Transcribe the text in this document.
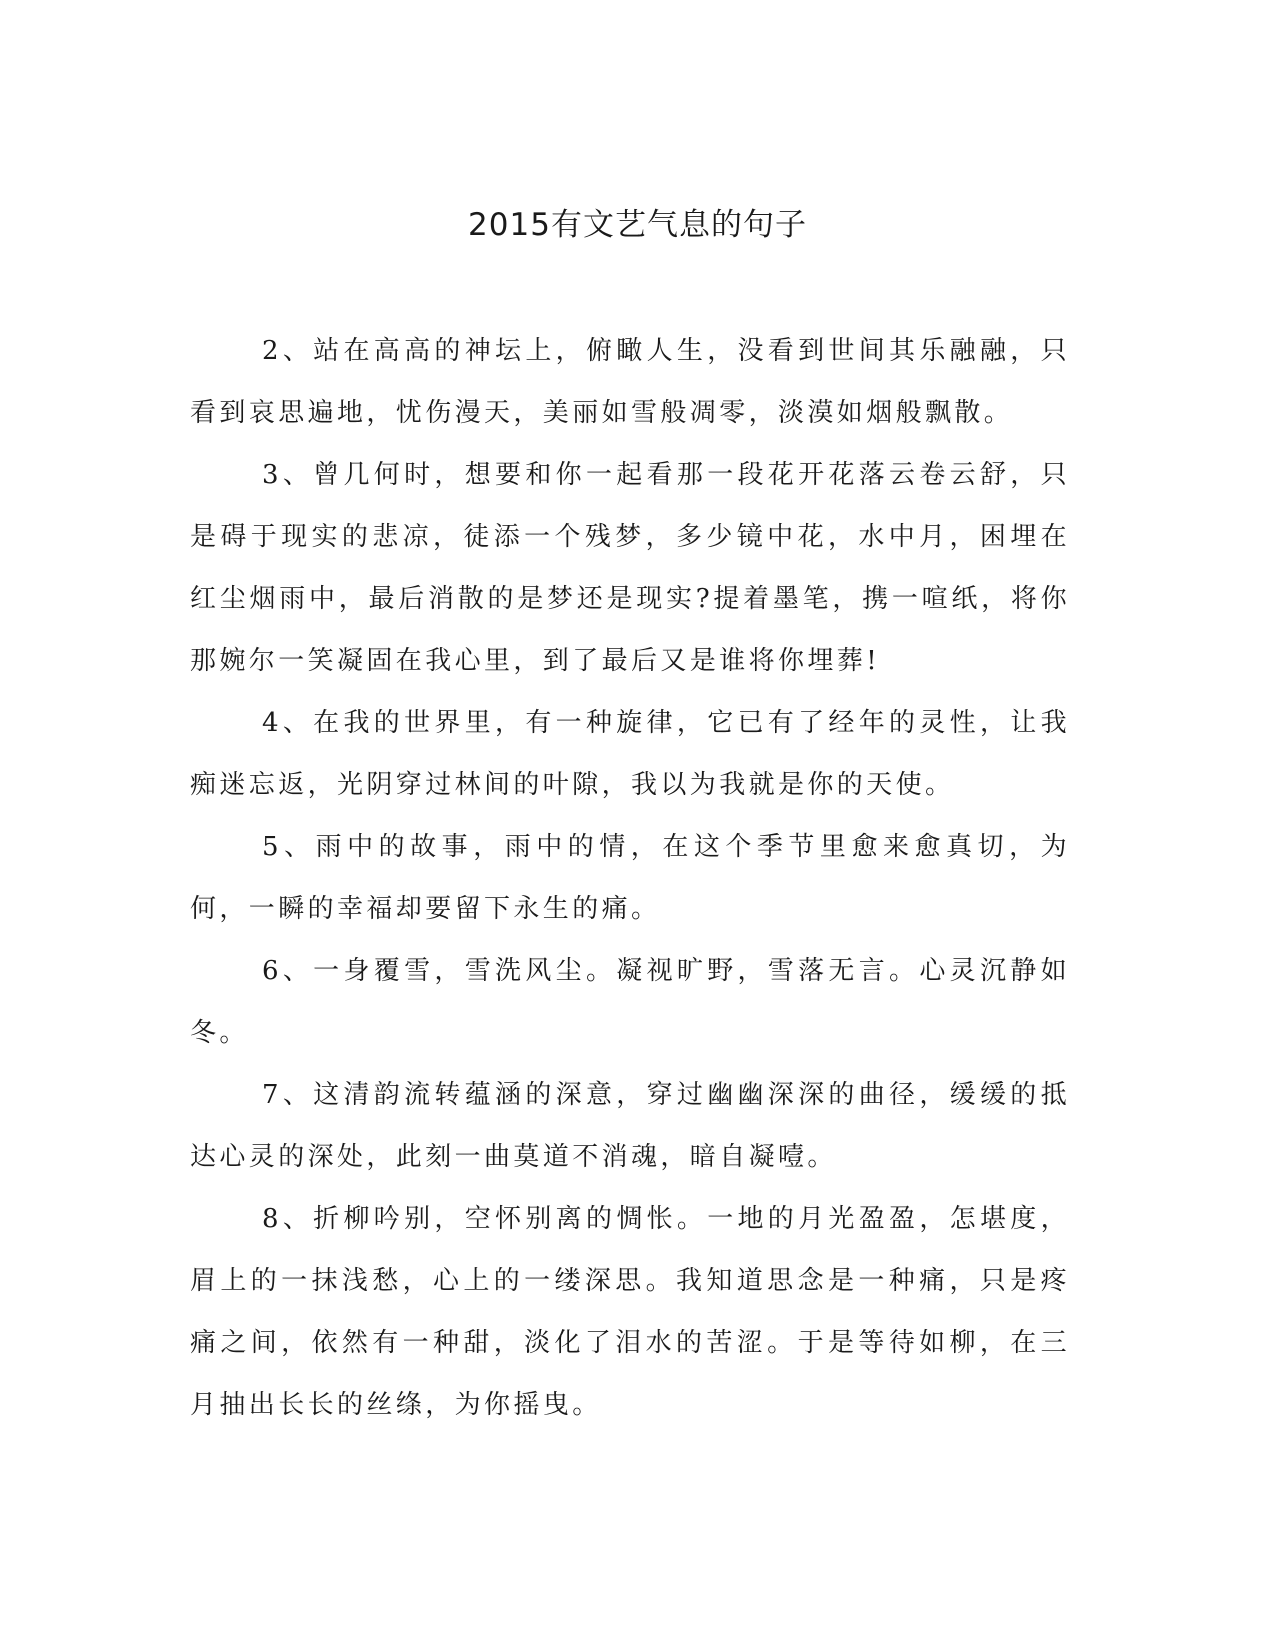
2015有文艺气息的句子

2、站在高高的神坛上，俯瞰人生，没看到世间其乐融融，只看到哀思遍地，忧伤漫天，美丽如雪般凋零，淡漠如烟般飘散。

3、曾几何时，想要和你一起看那一段花开花落云卷云舒，只是碍于现实的悲凉，徒添一个残梦，多少镜中花，水中月，困埋在红尘烟雨中，最后消散的是梦还是现实?提着墨笔，携一喧纸，将你那婉尔一笑凝固在我心里，到了最后又是谁将你埋葬!

4、在我的世界里，有一种旋律，它已有了经年的灵性，让我痴迷忘返，光阴穿过林间的叶隙，我以为我就是你的天使。

5、雨中的故事，雨中的情，在这个季节里愈来愈真切，为何，一瞬的幸福却要留下永生的痛。

6、一身覆雪，雪洗风尘。凝视旷野，雪落无言。心灵沉静如冬。

7、这清韵流转蕴涵的深意，穿过幽幽深深的曲径，缓缓的抵达心灵的深处，此刻一曲莫道不消魂，暗自凝噎。

8、折柳吟别，空怀别离的惆怅。一地的月光盈盈，怎堪度，眉上的一抹浅愁，心上的一缕深思。我知道思念是一种痛，只是疼痛之间，依然有一种甜，淡化了泪水的苦涩。于是等待如柳，在三月抽出长长的丝绦，为你摇曳。
